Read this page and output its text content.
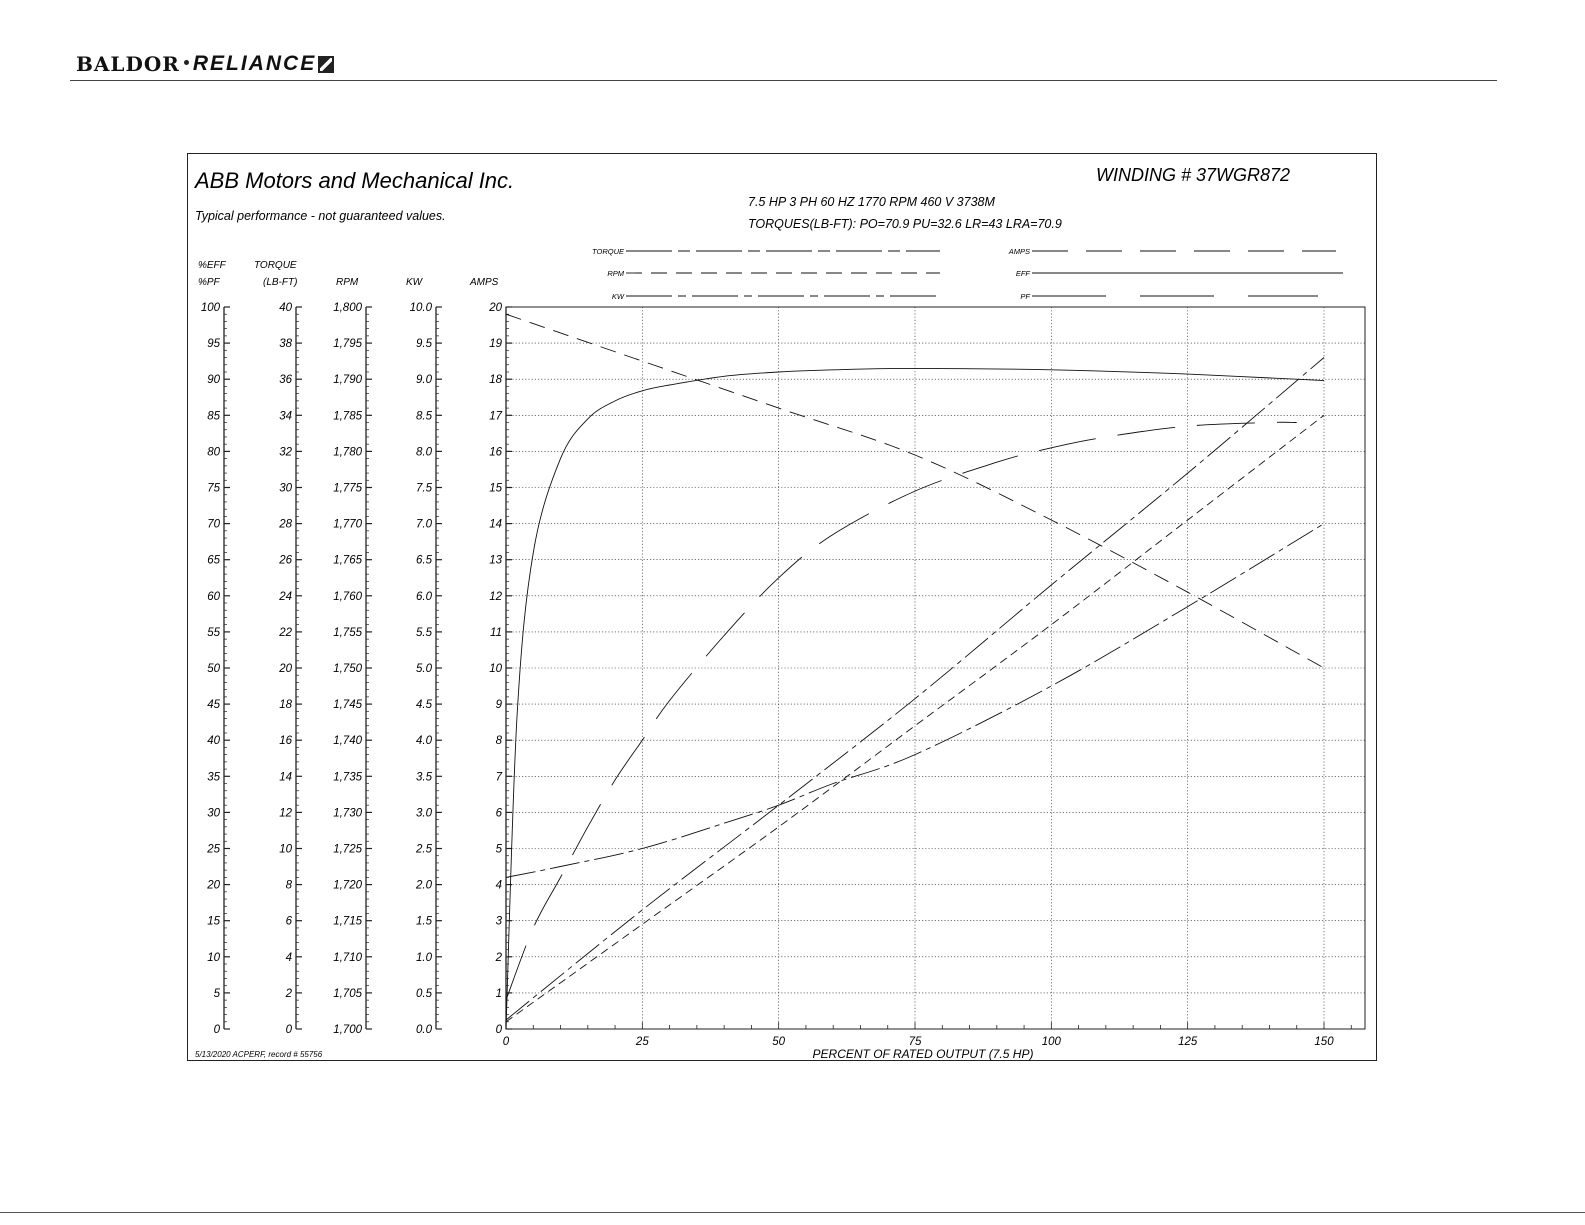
BALDOR RELIANCE
ABB Motors and Mechanical Inc.
Typical performance - not guaranteed values.
WINDING # 37WGR872
7.5 HP 3 PH 60 HZ 1770 RPM 460 V 3738M
TORQUES(LB-FT): PO=70.9 PU=32.6 LR=43 LRA=70.9
5/13/2020 ACPERF, record # 55756	PERCENT OF RATED OUTPUT (7.5 HP)
TORQUE
RPM
KW
AMPS
EFF
PF
0
5
10
15
20
25
30
35
40
45
50
55
60
65
70
75
80
85
90
95
100
%EFF
%PF
0
2
4
6
8
10
12
14
16
18
20
22
24
26
28
30
32
34
36
38
40
TORQUE
(LB-FT)
1,700
1,705
1,710
1,715
1,720
1,725
1,730
1,735
1,740
1,745
1,750
1,755
1,760
1,765
1,770
1,775
1,780
1,785
1,790
1,795
1,800
RPM
0.0
0.5
1.0
1.5
2.0
2.5
3.0
3.5
4.0
4.5
5.0
5.5
6.0
6.5
7.0
7.5
8.0
8.5
9.0
9.5
10.0
KW
0
1
2
3
4
5
6
7
8
9
10
11
12
13
14
15
16
17
18
19
20
AMPS
0	25	50	75	100	125	150
